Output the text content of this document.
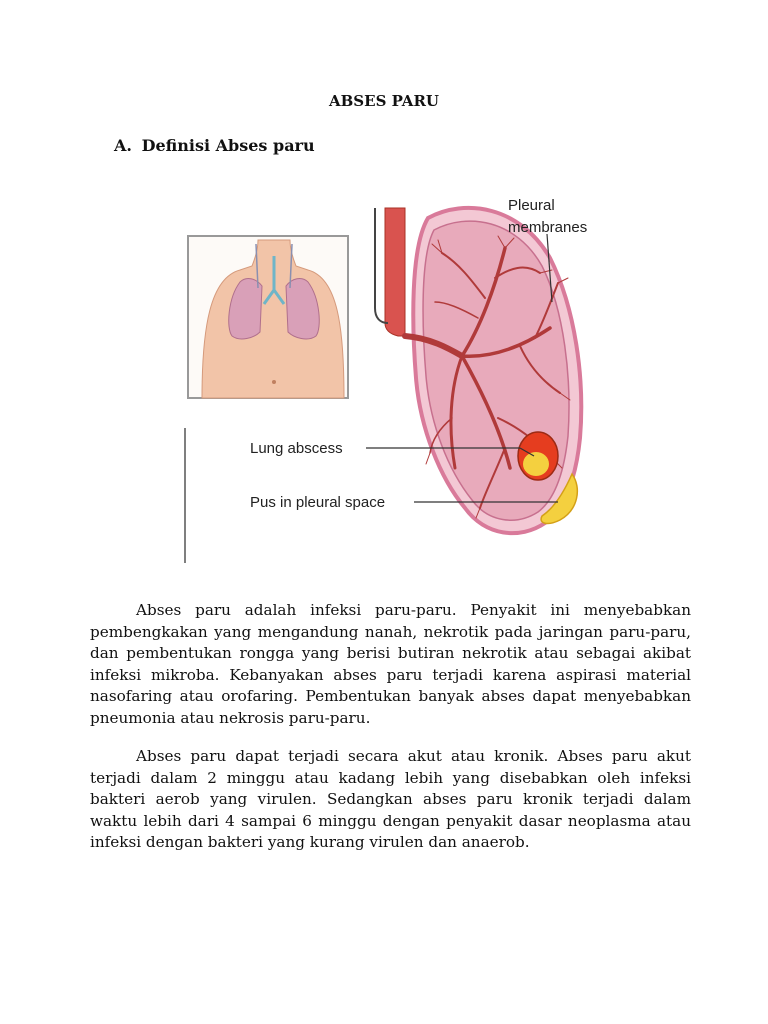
ABSES PARU
A. Definisi Abses paru
Pleural
membranes
Lung abscess
Pus in pleural space

Abses paru adalah infeksi paru-paru. Penyakit ini menyebabkan pembengkakan yang mengandung nanah, nekrotik pada jaringan paru-paru, dan pembentukan rongga yang berisi butiran nekrotik atau sebagai akibat infeksi mikroba. Kebanyakan abses paru terjadi karena aspirasi material nasofaring atau orofaring. Pembentukan banyak abses dapat menyebabkan pneumonia atau nekrosis paru-paru.

Abses paru dapat terjadi secara akut atau kronik. Abses paru akut terjadi dalam 2 minggu atau kadang lebih yang disebabkan oleh infeksi bakteri aerob yang virulen. Sedangkan abses paru kronik terjadi dalam waktu lebih dari 4 sampai 6 minggu dengan penyakit dasar neoplasma atau infeksi dengan bakteri yang kurang virulen dan anaerob.
